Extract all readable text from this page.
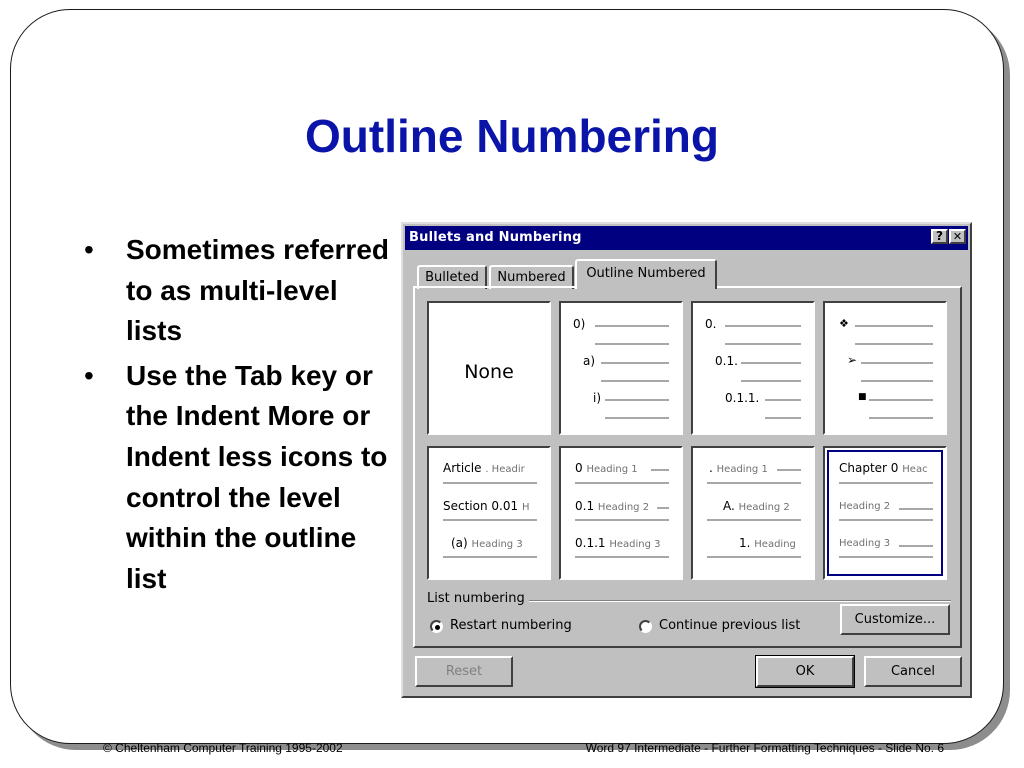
Outline Numbering
• Sometimes referred to as multi-level lists
• Use the Tab key or the Indent More or Indent less icons to control the level within the outline list
Bullets and Numbering	? ✕
Bulleted	Numbered	Outline Numbered
None
0)
a)
i)
0.
0.1.
0.1.1.
❖
➢
■
Article . Headir
Section 0.01 H
(a) Heading 3
0 Heading 1
0.1 Heading 2
0.1.1 Heading 3
. Heading 1
A. Heading 2
1. Heading
Chapter 0 Heac
Heading 2
Heading 3
List numbering
Restart numbering	Continue previous list	Customize...
Reset	OK	Cancel
© Cheltenham Computer Training 1995-2002	Word 97 Intermediate - Further Formatting Techniques - Slide No. 6
